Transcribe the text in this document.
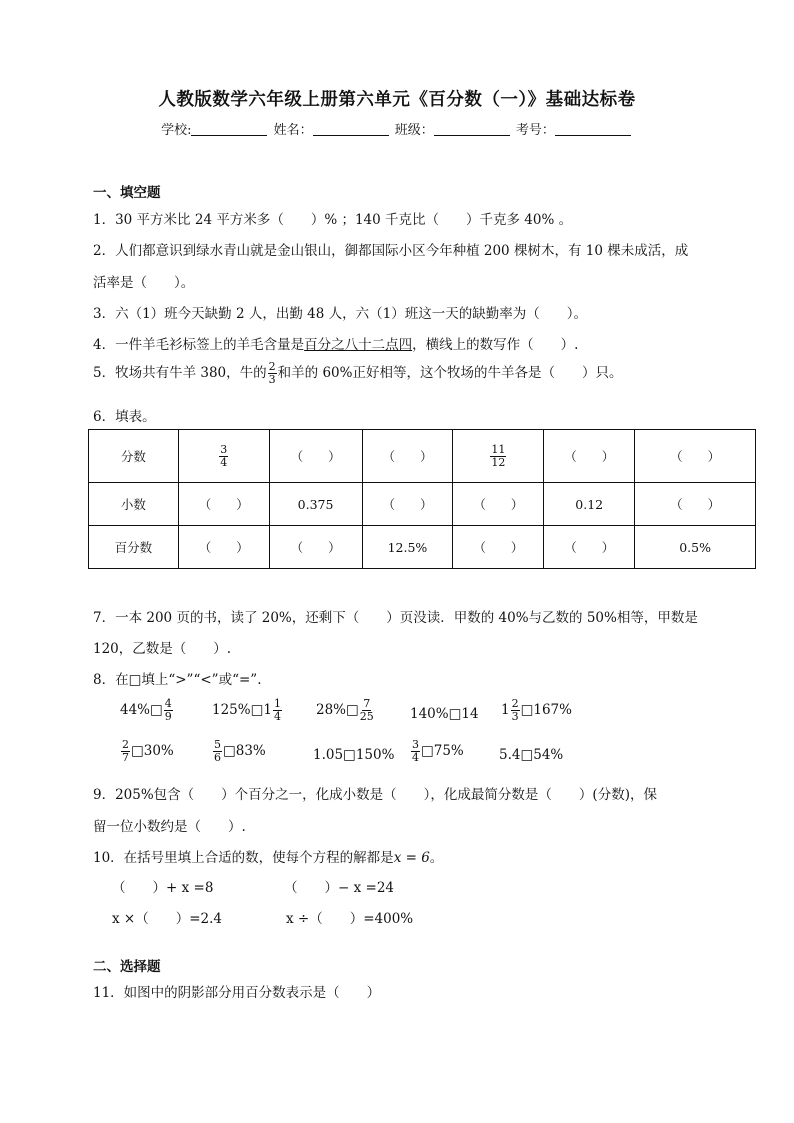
人教版数学六年级上册第六单元《百分数（一）》基础达标卷
学校:	姓名：	班级：	考号：
一、填空题
1．30 平方米比 24 平方米多（　　）% ；140 千克比（　　）千克多 40% 。
2．人们都意识到绿水青山就是金山银山，御都国际小区今年种植 200 棵树木，有 10 棵未成活，成
活率是（　　）。
3．六（1）班今天缺勤 2 人，出勤 48 人，六（1）班这一天的缺勤率为（　　）。
4．一件羊毛衫标签上的羊毛含量是百分之八十二点四，横线上的数写作（　　）.
5．牧场共有牛羊 380，牛的 $\frac{2}{3}$ 和羊的 60%正好相等，这个牧场的牛羊各是（　　）只。
6．填表。
分数	$\frac{3}{4}$	（　　）	（　　）	$\frac{11}{12}$	（　　）	（　　）
小数	（　　）	0.375	（　　）	（　　）	0.12	（　　）
百分数	（　　）	（　　）	12.5%	（　　）	（　　）	0.5%
7．一本 200 页的书，读了 20%，还剩下（　　）页没读．甲数的 40%与乙数的 50%相等，甲数是
120，乙数是（　　）.
8．在□填上“>”“<”或“=”.
44%□ $\frac{4}{9}$	125%□1 $\frac{1}{4}$	28%□ $\frac{7}{25}$	140%□14 $1 \frac{2}{3}$ □167%
$\frac{2}{7}$ □30%	$\frac{5}{6}$ □83%	1.05□150% $\frac{3}{4}$ □75%	5.4□54%
9．205%包含（　　）个百分之一，化成小数是（　　），化成最简分数是（　　）(分数)，保
留一位小数约是（　　）.
10．在括号里填上合适的数，使每个方程的解都是x = 6。
（　　）+ x =8	（　　）− x =24
x ×（　　）=2.4	x ÷（　　）=400%
二、选择题
11．如图中的阴影部分用百分数表示是（　　）
